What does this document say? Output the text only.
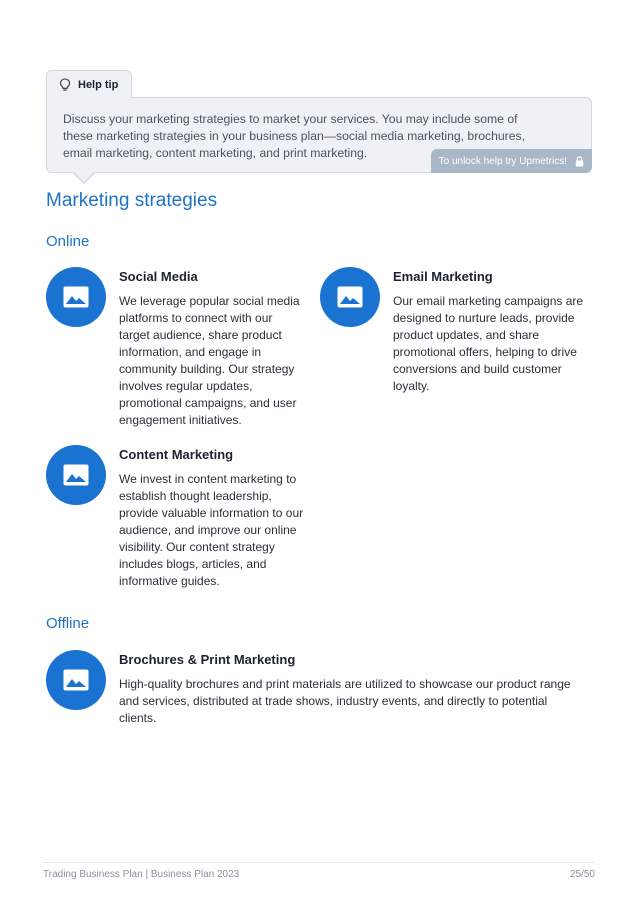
Help tip
Discuss your marketing strategies to market your services. You may include some of these marketing strategies in your business plan—social media marketing, brochures, email marketing, content marketing, and print marketing.
To unlock help try Upmetrics!
Marketing strategies
Online
Social Media
We leverage popular social media platforms to connect with our target audience, share product information, and engage in community building. Our strategy involves regular updates, promotional campaigns, and user engagement initiatives.
Email Marketing
Our email marketing campaigns are designed to nurture leads, provide product updates, and share promotional offers, helping to drive conversions and build customer loyalty.
Content Marketing
We invest in content marketing to establish thought leadership, provide valuable information to our audience, and improve our online visibility. Our content strategy includes blogs, articles, and informative guides.
Offline
Brochures & Print Marketing
High-quality brochures and print materials are utilized to showcase our product range and services, distributed at trade shows, industry events, and directly to potential clients.
Trading Business Plan | Business Plan 2023	25/50
